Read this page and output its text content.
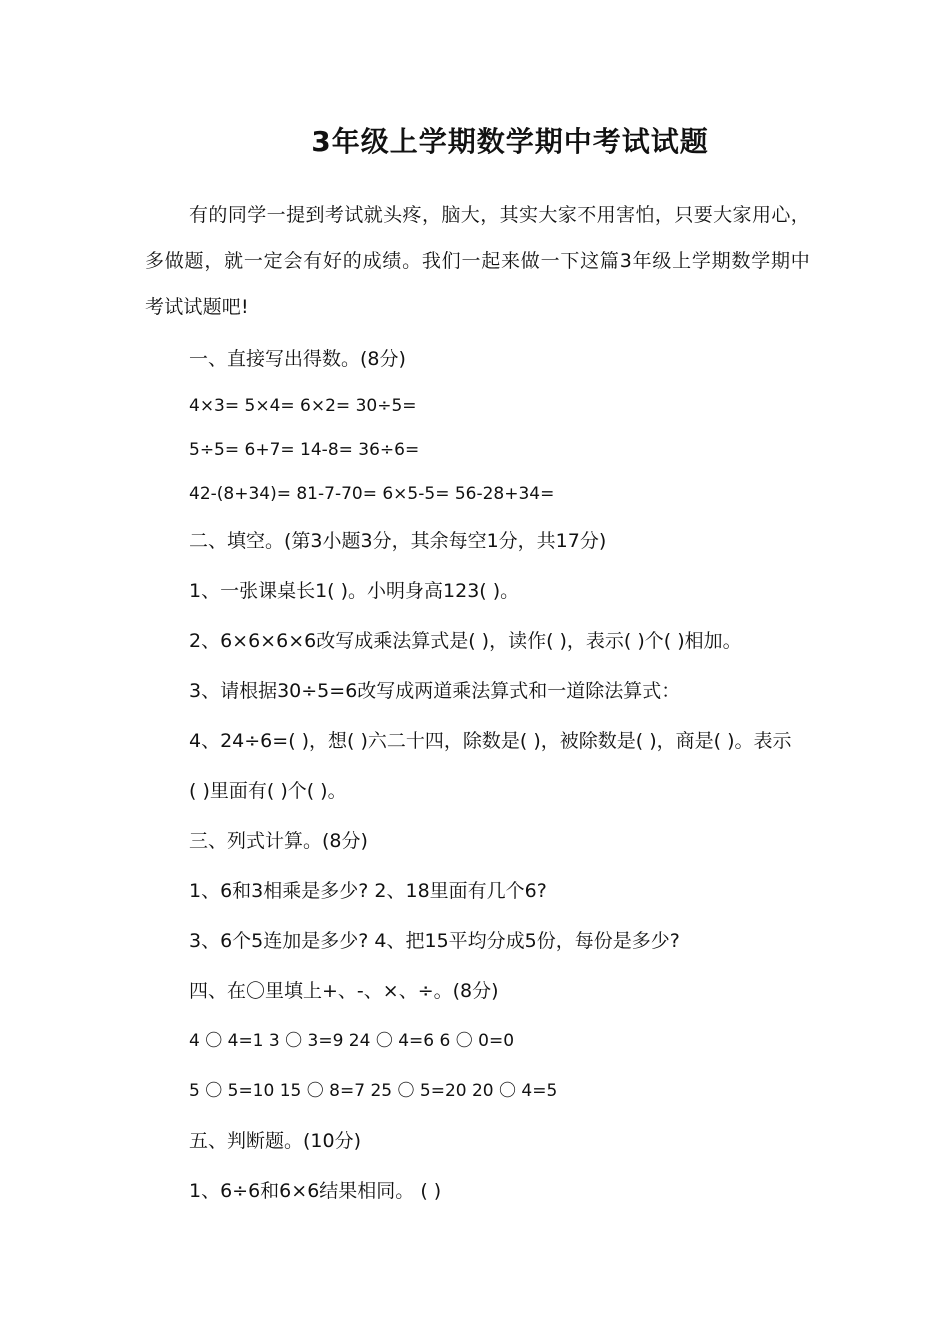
3年级上学期数学期中考试试题

有的同学一提到考试就头疼，脑大，其实大家不用害怕，只要大家用心，多做题，就一定会有好的成绩。我们一起来做一下这篇3年级上学期数学期中考试试题吧!

一、直接写出得数。(8分)

4×3= 5×4= 6×2= 30÷5=

5÷5= 6+7= 14-8= 36÷6=

42-(8+34)= 81-7-70= 6×5-5= 56-28+34=

二、填空。(第3小题3分，其余每空1分，共17分)

1、一张课桌长1( )。小明身高123( )。

2、6×6×6×6改写成乘法算式是( )，读作( )，表示( )个( )相加。

3、请根据30÷5=6改写成两道乘法算式和一道除法算式：

4、24÷6=( )，想( )六二十四，除数是( )，被除数是( )，商是( )。表示

( )里面有( )个( )。

三、列式计算。(8分)

1、6和3相乘是多少? 2、18里面有几个6?

3、6个5连加是多少? 4、把15平均分成5份，每份是多少?

四、在〇里填上+、-、×、÷。(8分)

4 〇 4=1 3 〇 3=9 24 〇 4=6 6 〇 0=0

5 〇 5=10 15 〇 8=7 25 〇 5=20 20 〇 4=5

五、判断题。(10分)

1、6÷6和6×6结果相同。 ( )
